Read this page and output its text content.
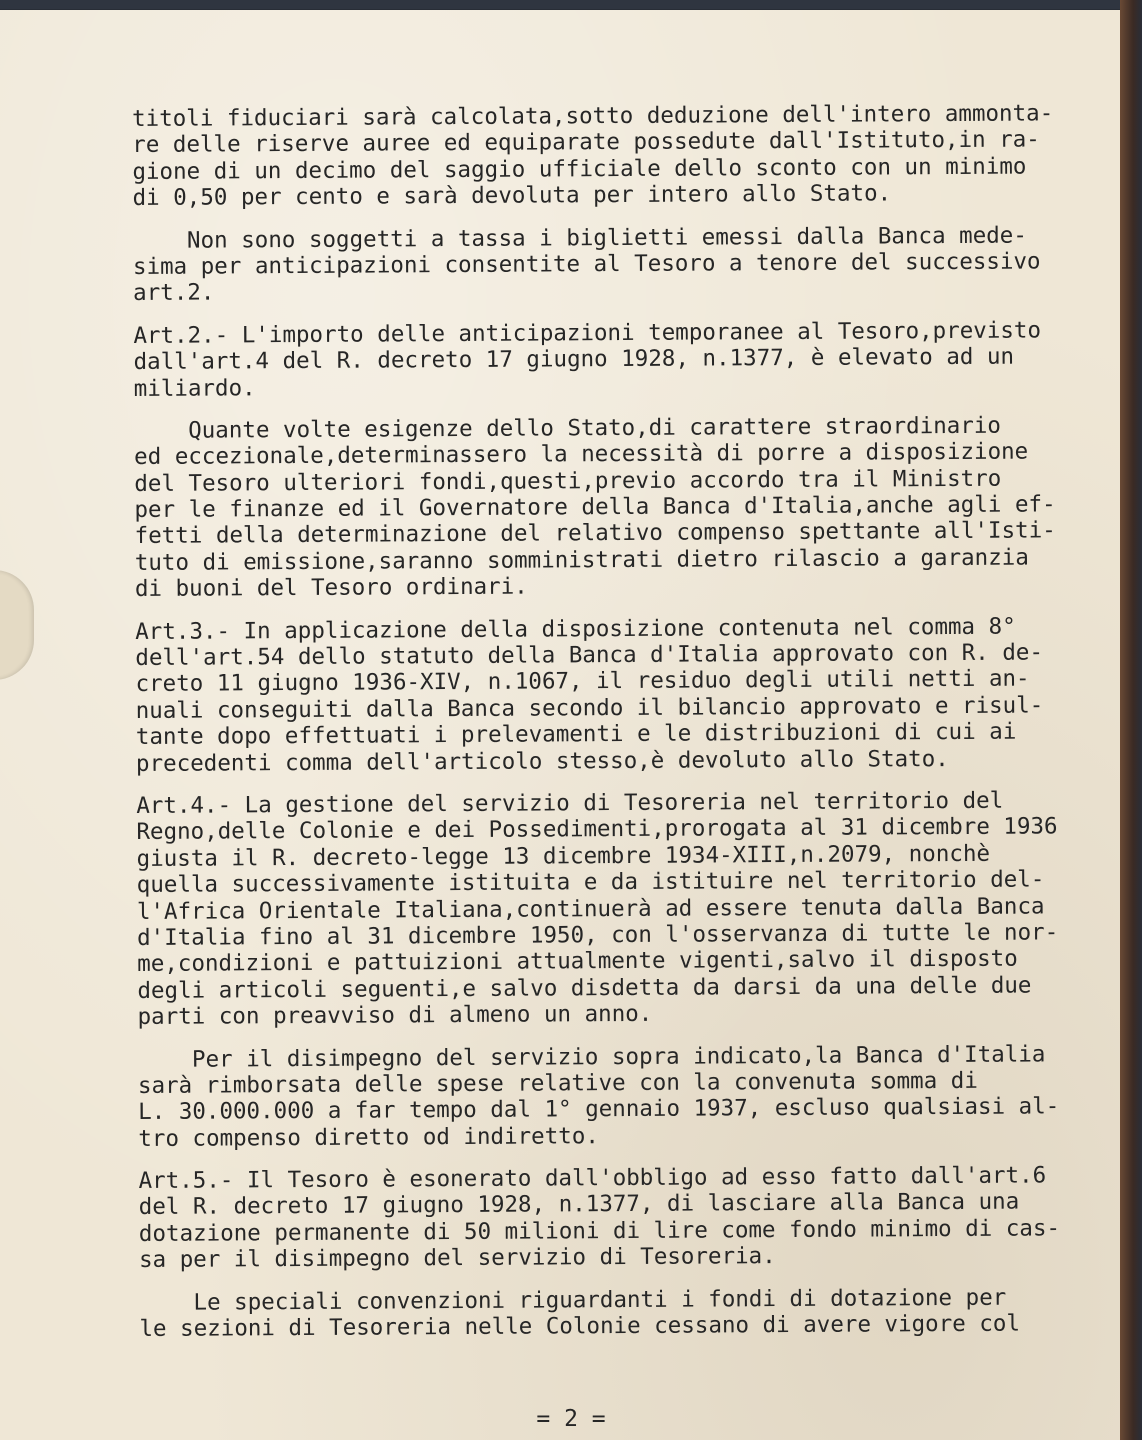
titoli fiduciari sarà calcolata,sotto deduzione dell'intero ammonta-
re delle riserve auree ed equiparate possedute dall'Istituto,in ra-
gione di un decimo del saggio ufficiale dello sconto con un minimo
di 0,50 per cento e sarà devoluta per intero allo Stato.
Non sono soggetti a tassa i biglietti emessi dalla Banca mede-
sima per anticipazioni consentite al Tesoro a tenore del successivo
art.2.
Art.2.- L'importo delle anticipazioni temporanee al Tesoro,previsto
dall'art.4 del R. decreto 17 giugno 1928, n.1377, è elevato ad un
miliardo.
Quante volte esigenze dello Stato,di carattere straordinario
ed eccezionale,determinassero la necessità di porre a disposizione
del Tesoro ulteriori fondi,questi,previo accordo tra il Ministro
per le finanze ed il Governatore della Banca d'Italia,anche agli ef-
fetti della determinazione del relativo compenso spettante all'Isti-
tuto di emissione,saranno somministrati dietro rilascio a garanzia
di buoni del Tesoro ordinari.
Art.3.- In applicazione della disposizione contenuta nel comma 8°
dell'art.54 dello statuto della Banca d'Italia approvato con R. de-
creto 11 giugno 1936-XIV, n.1067, il residuo degli utili netti an-
nuali conseguiti dalla Banca secondo il bilancio approvato e risul-
tante dopo effettuati i prelevamenti e le distribuzioni di cui ai
precedenti comma dell'articolo stesso,è devoluto allo Stato.
Art.4.- La gestione del servizio di Tesoreria nel territorio del
Regno,delle Colonie e dei Possedimenti,prorogata al 31 dicembre 1936
giusta il R. decreto-legge 13 dicembre 1934-XIII,n.2079, nonchè
quella successivamente istituita e da istituire nel territorio del-
l'Africa Orientale Italiana,continuerà ad essere tenuta dalla Banca
d'Italia fino al 31 dicembre 1950, con l'osservanza di tutte le nor-
me,condizioni e pattuizioni attualmente vigenti,salvo il disposto
degli articoli seguenti,e salvo disdetta da darsi da una delle due
parti con preavviso di almeno un anno.
Per il disimpegno del servizio sopra indicato,la Banca d'Italia
sarà rimborsata delle spese relative con la convenuta somma di
L. 30.000.000 a far tempo dal 1° gennaio 1937, escluso qualsiasi al-
tro compenso diretto od indiretto.
Art.5.- Il Tesoro è esonerato dall'obbligo ad esso fatto dall'art.6
del R. decreto 17 giugno 1928, n.1377, di lasciare alla Banca una
dotazione permanente di 50 milioni di lire come fondo minimo di cas-
sa per il disimpegno del servizio di Tesoreria.
Le speciali convenzioni riguardanti i fondi di dotazione per
le sezioni di Tesoreria nelle Colonie cessano di avere vigore col
= 2 =
